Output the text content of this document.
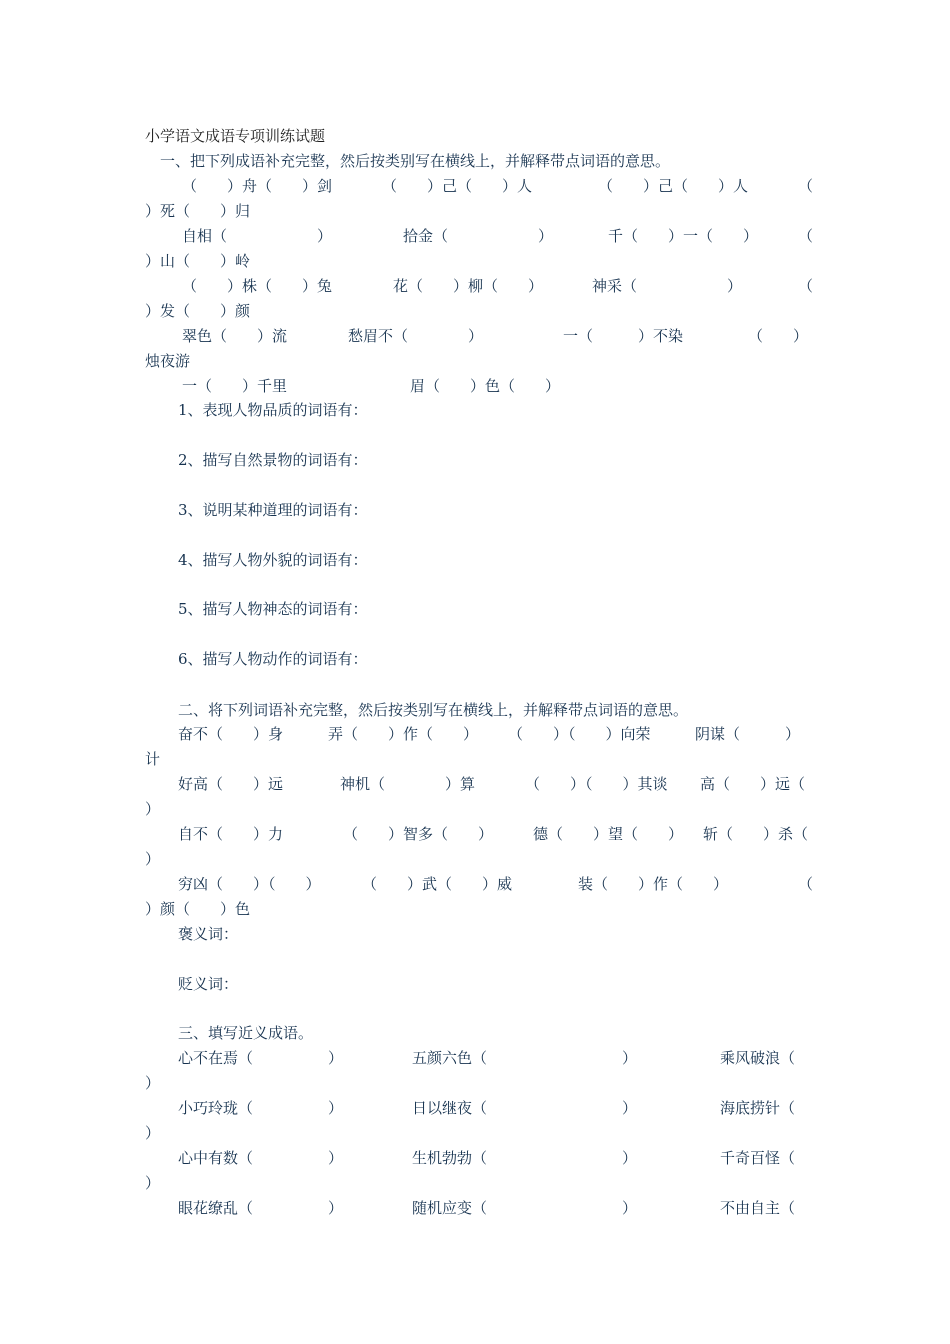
小学语文成语专项训练试题
一、把下列成语补充完整，然后按类别写在横线上，并解释带点词语的意思。
（　　）舟（　　）剑	（　　）己（　　）人	（　　）己（　　）人	（
）死（　　）归
自相（　　　　　　）	拾金（　　　　　　）	千（　　）一（　　）	（
）山（　　）岭
（　　）株（　　）兔	花（　　）柳（　　）	神采（　　　　　　）	（
）发（　　）颜
翠色（　　）流	愁眉不（　　　　）	一（　　　）不染	（　　）
烛夜游
一（　　）千里	眉（　　）色（　　）
1、表现人物品质的词语有：
2、描写自然景物的词语有：
3、说明某种道理的词语有：
4、描写人物外貌的词语有：
5、描写人物神态的词语有：
6、描写人物动作的词语有：
二、将下列词语补充完整，然后按类别写在横线上，并解释带点词语的意思。
奋不（　　）身	弄（　　）作（　　） （　　）（　　）向荣	阴谋（　　　）
计
好高（　　）远	神机（　　　　）算	（　　）（　　）其谈 高（　　）远（
）
自不（　　）力	（　　）智多（　　）	德（　　）望（　　） 斩（　　）杀（
）
穷凶（　　）（　　）	（　　）武（　　）威	装（　　）作（　　）	（
）颜（　　）色
褒义词：
贬义词：
三、填写近义成语。
心不在焉（　　　　　）	五颜六色（　　　　　　　　　）	乘风破浪（
）
小巧玲珑（　　　　　）	日以继夜（　　　　　　　　　）	海底捞针（
）
心中有数（　　　　　）	生机勃勃（　　　　　　　　　）	千奇百怪（
）
眼花缭乱（　　　　　）	随机应变（　　　　　　　　　）	不由自主（
